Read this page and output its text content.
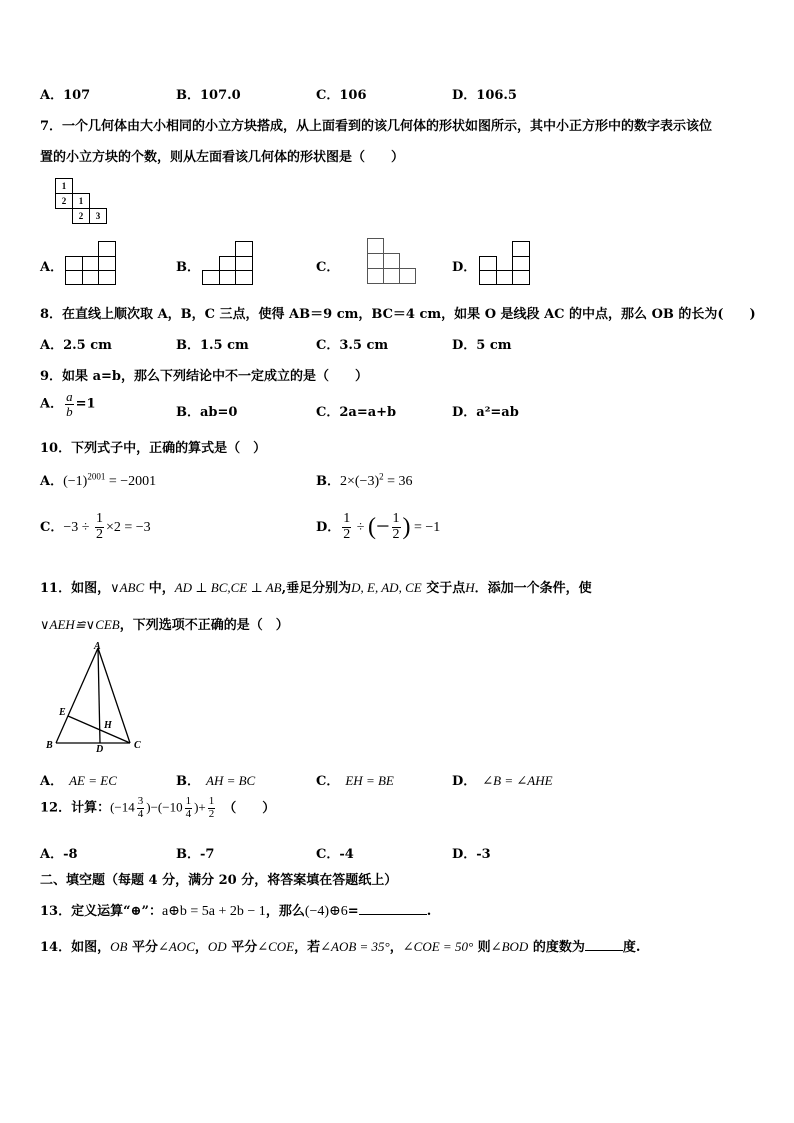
A．107	B．107.0	C．106	D．106.5
7．一个几何体由大小相同的小立方块搭成，从上面看到的该几何体的形状如图所示，其中小正方形中的数字表示该位
置的小立方块的个数，则从左面看该几何体的形状图是（　　）
1
2 1
2 3
A．	B．	C．	D．
8．在直线上顺次取 A，B，C 三点，使得 AB＝9 cm，BC＝4 cm，如果 O 是线段 AC 的中点，那么 OB 的长为(　　)
A．2.5 cm	B．1.5 cm	C．3.5 cm	D．5 cm
9．如果 a=b，那么下列结论中不一定成立的是（　　）
A． $\frac{a}{b} =1$
B．ab=0	C．2a=a+b	D．a²=ab
10．下列式子中，正确的算式是（　）
A．$(-1)^{2001} = -2001$	B．$2\times(-3)^2 = 36$
C．$-3 \div \frac{1}{2} \times 2 = -3$	D． $\frac{1}{2}$ ÷ (− $\frac{1}{2}$ ) = −1
11．如图，∨ABC 中，AD ⊥ BC,CE ⊥ AB,垂足分别为D, E, AD, CE 交于点H．添加一个条件，使
∨AEH≌∨CEB，下列选项不正确的是（　）
A
E
H
B	D	C
A． AE = EC	B． AH = BC	C． EH = BE	D． ∠B = ∠AHE
12．计算：$(-14 \frac{3}{4} )-(-10 \frac{1}{4}$ )+ $\frac{1}{2}$ （　　）
A．-8	B．-7	C．-4	D．-3
二、填空题（每题 4 分，满分 20 分，将答案填在答题纸上）
13．定义运算“⊕”：a⊕b = 5a + 2b − 1，那么(−4)⊕6=	.
14．如图，OB 平分∠AOC，OD 平分∠COE，若∠AOB = 35°，∠COE = 50° 则∠BOD 的度数为	度.
